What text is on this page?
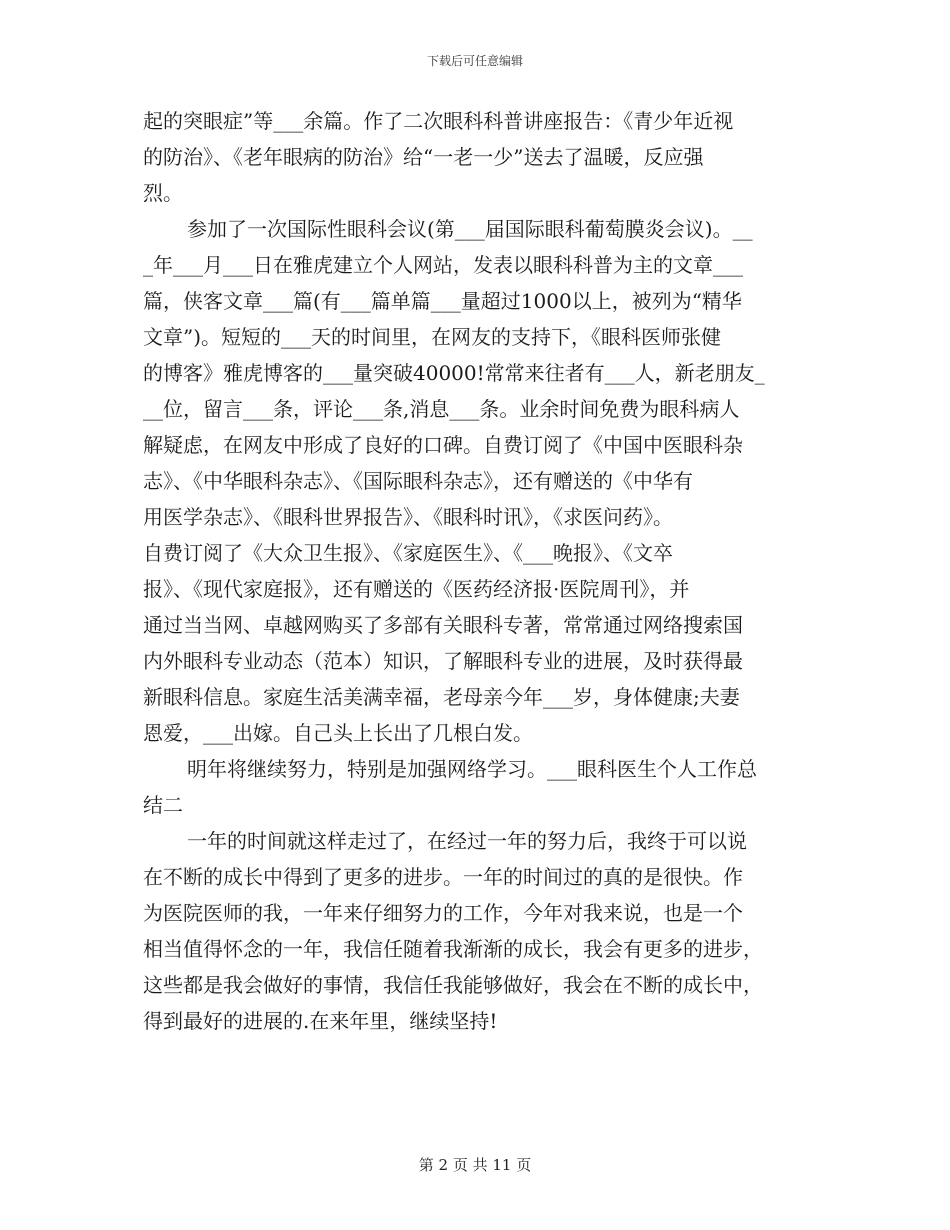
下载后可任意编辑
起的突眼症”等___余篇。作了二次眼科科普讲座报告：《青少年近视
的防治》、《老年眼病的防治》给“一老一少”送去了温暖，反应强
烈。
参加了一次国际性眼科会议(第___届国际眼科葡萄膜炎会议)。__
_年___月___日在雅虎建立个人网站，发表以眼科科普为主的文章___
篇，侠客文章___篇(有___篇单篇___量超过1000以上，被列为“精华
文章”)。短短的___天的时间里，在网友的支持下，《眼科医师张健
的博客》雅虎博客的___量突破40000!常常来往者有___人，新老朋友_
__位，留言___条，评论___条,消息___条。业余时间免费为眼科病人
解疑虑，在网友中形成了良好的口碑。自费订阅了《中国中医眼科杂
志》、《中华眼科杂志》、《国际眼科杂志》，还有赠送的《中华有
用医学杂志》、《眼科世界报告》、《眼科时讯》，《求医问药》。
自费订阅了《大众卫生报》、《家庭医生》、《___晚报》、《文卒
报》、《现代家庭报》，还有赠送的《医药经济报·医院周刊》，并
通过当当网、卓越网购买了多部有关眼科专著，常常通过网络搜索国
内外眼科专业动态（范本）知识，了解眼科专业的进展，及时获得最
新眼科信息。家庭生活美满幸福，老母亲今年___岁，身体健康;夫妻
恩爱，___出嫁。自己头上长出了几根白发。
明年将继续努力，特别是加强网络学习。___眼科医生个人工作总
结二
一年的时间就这样走过了，在经过一年的努力后，我终于可以说
在不断的成长中得到了更多的进步。一年的时间过的真的是很快。作
为医院医师的我，一年来仔细努力的工作，今年对我来说，也是一个
相当值得怀念的一年，我信任随着我渐渐的成长，我会有更多的进步，
这些都是我会做好的事情，我信任我能够做好，我会在不断的成长中，
得到最好的进展的.在来年里，继续坚持!
第 2 页 共 11 页
